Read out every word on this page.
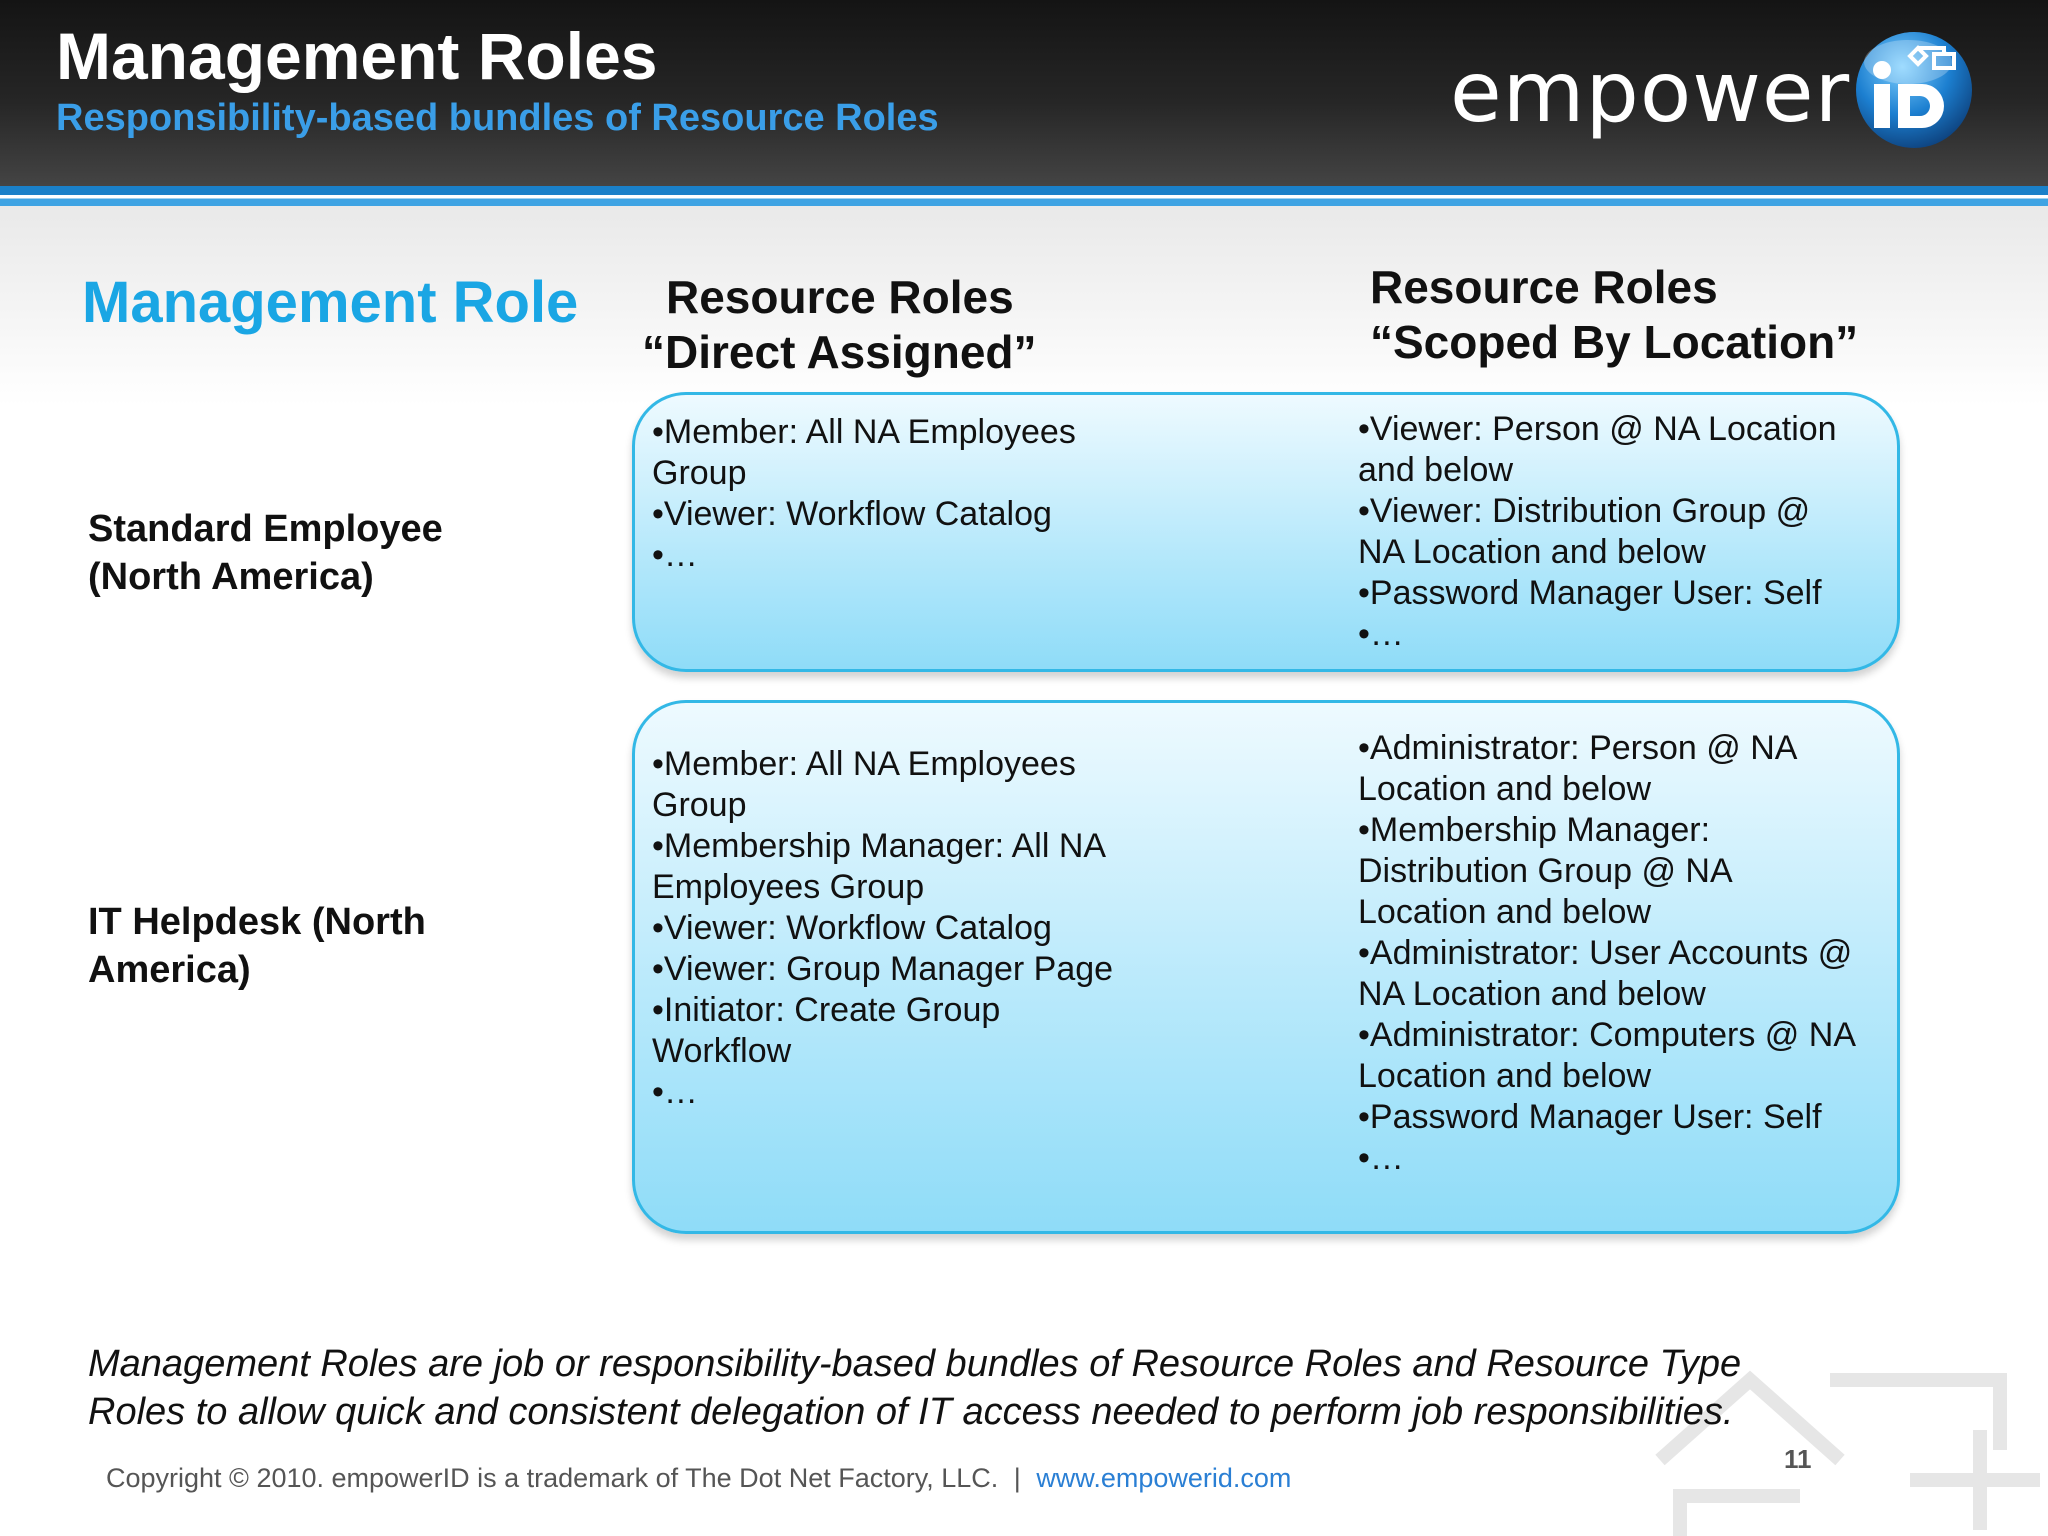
Management Roles
Responsibility-based bundles of Resource Roles	empower
Management Role Resource Roles
“Direct Assigned”
Resource Roles
“Scoped By Location”
Standard Employee
(North America)
•Member: All NA Employees
Group
•Viewer: Workflow Catalog
•…
•Viewer: Person @ NA Location
and below
•Viewer: Distribution Group @
NA Location and below
•Password Manager User: Self
•…
IT Helpdesk (North
America)
•Member: All NA Employees
Group
•Membership Manager: All NA
Employees Group
•Viewer: Workflow Catalog
•Viewer: Group Manager Page
•Initiator: Create Group
Workflow
•…
•Administrator: Person @ NA
Location and below
•Membership Manager:
Distribution Group @ NA
Location and below
•Administrator: User Accounts @
NA Location and below
•Administrator: Computers @ NA
Location and below
•Password Manager User: Self
•…
Management Roles are job or responsibility-based bundles of Resource Roles and Resource Type
Roles to allow quick and consistent delegation of IT access needed to perform job responsibilities.
Copyright © 2010. empowerID is a trademark of The Dot Net Factory, LLC. | www.empowerid.com
11
